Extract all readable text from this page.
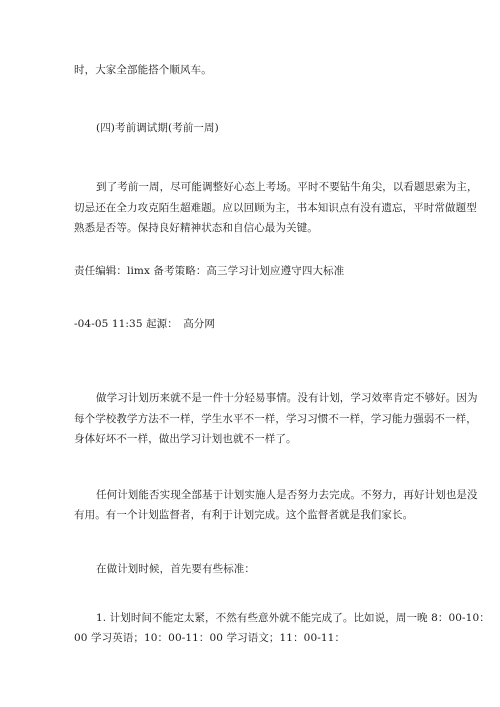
时，大家全部能搭个顺风车。
(四)考前调试期(考前一周)
到了考前一周，尽可能调整好心态上考场。平时不要钻牛角尖，以看题思索为主，
切忌还在全力攻克陌生超难题。应以回顾为主，书本知识点有没有遗忘，平时常做题型
熟悉是否等。保持良好精神状态和自信心最为关键。
责任编辑：limx 备考策略：高三学习计划应遵守四大标准
-04-05 11:35 起源：　高分网
做学习计划历来就不是一件十分轻易事情。没有计划，学习效率肯定不够好。因为
每个学校教学方法不一样，学生水平不一样，学习习惯不一样，学习能力强弱不一样，
身体好坏不一样，做出学习计划也就不一样了。
任何计划能否实现全部基于计划实施人是否努力去完成。不努力，再好计划也是没
有用。有一个计划监督者，有利于计划完成。这个监督者就是我们家长。
在做计划时候，首先要有些标准：
1. 计划时间不能定太紧，不然有些意外就不能完成了。比如说，周一晚 8：00-10：
00 学习英语；10：00-11：00 学习语文；11：00-11：
